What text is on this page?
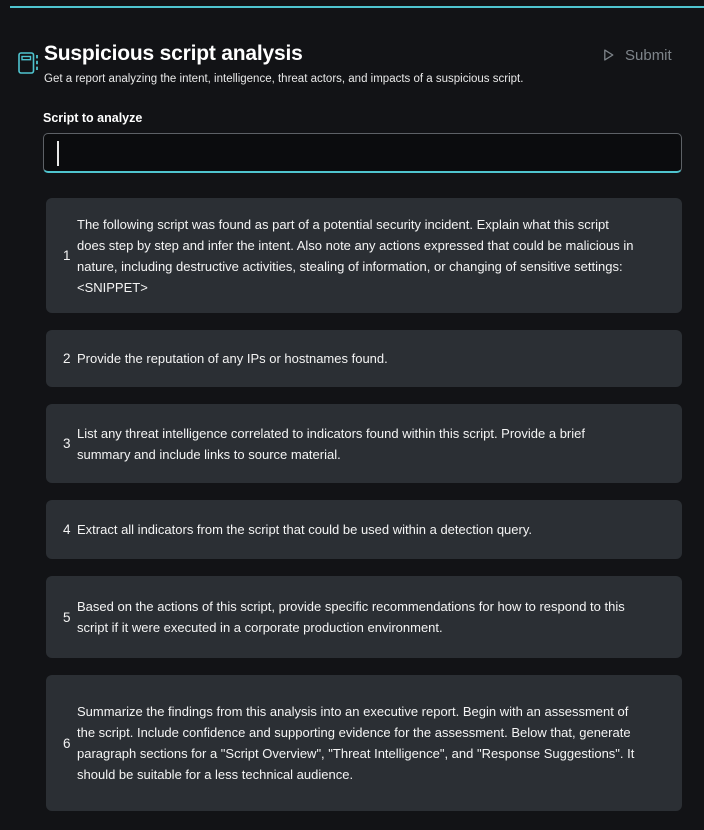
Suspicious script analysis
Get a report analyzing the intent, intelligence, threat actors, and impacts of a suspicious script.
Submit
Script to analyze
1
The following script was found as part of a potential security incident. Explain what this script does step by step and infer the intent. Also note any actions expressed that could be malicious in nature, including destructive activities, stealing of information, or changing of sensitive settings: <SNIPPET>
2 Provide the reputation of any IPs or hostnames found.
3
List any threat intelligence correlated to indicators found within this script. Provide a brief summary and include links to source material.
4 Extract all indicators from the script that could be used within a detection query.
5
Based on the actions of this script, provide specific recommendations for how to respond to this script if it were executed in a corporate production environment.
6
Summarize the findings from this analysis into an executive report. Begin with an assessment of the script. Include confidence and supporting evidence for the assessment. Below that, generate paragraph sections for a "Script Overview", "Threat Intelligence", and "Response Suggestions". It should be suitable for a less technical audience.
